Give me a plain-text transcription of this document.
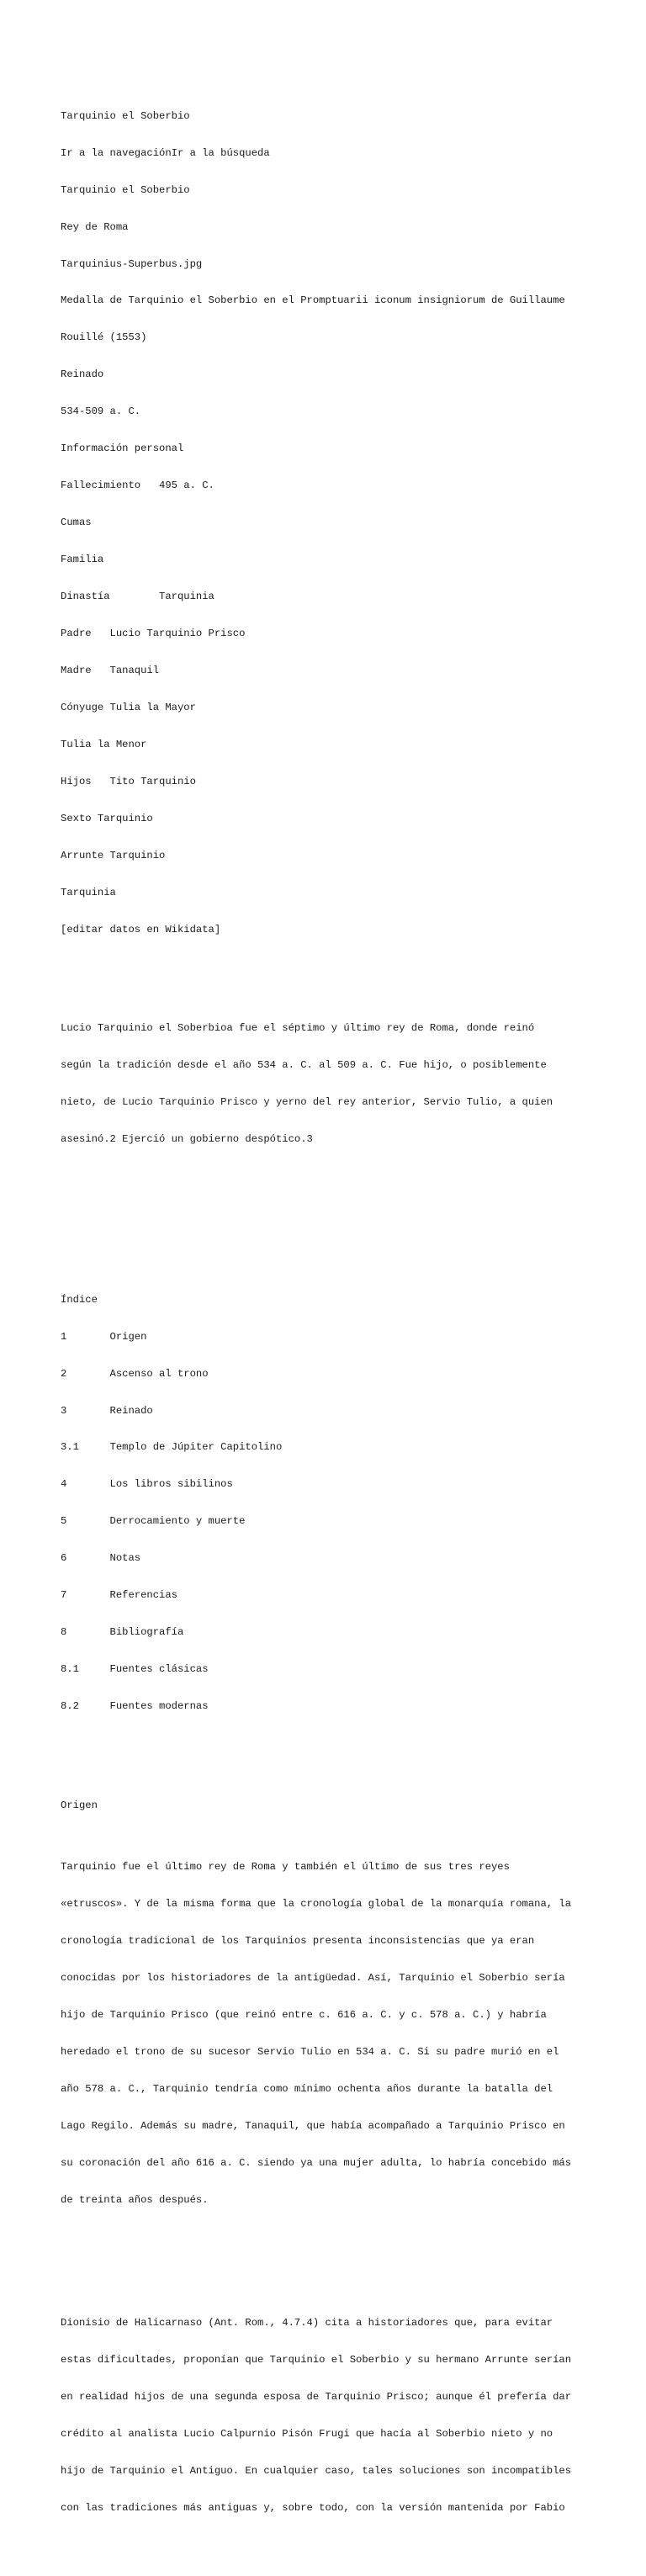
Tarquinio el Soberbio

Ir a la navegaciónIr a la búsqueda

Tarquinio el Soberbio

Rey de Roma

Tarquinius-Superbus.jpg

Medalla de Tarquinio el Soberbio en el Promptuarii iconum insigniorum de Guillaume

Rouillé (1553)

Reinado

534-509 a. C.

Información personal

Fallecimiento	495 a. C.

Cumas

Familia

Dinastía	Tarquinia

Padre	Lucio Tarquinio Prisco

Madre	Tanaquil

Cónyuge	Tulia la Mayor

Tulia la Menor

Hijos	Tito Tarquinio

Sexto Tarquinio

Arrunte Tarquinio

Tarquinia

[editar datos en Wikidata]

Lucio Tarquinio el Soberbioa fue el séptimo y último rey de Roma, donde reinó

según la tradición desde el año 534 a. C. al 509 a. C. Fue hijo, o posiblemente

nieto, de Lucio Tarquinio Prisco y yerno del rey anterior, Servio Tulio, a quien

asesinó.2 Ejerció un gobierno despótico.3

Índice

1		Origen

2		Ascenso al trono

3		Reinado

3.1		Templo de Júpiter Capitolino

4		Los libros sibilinos

5		Derrocamiento y muerte

6		Notas

7		Referencias

8		Bibliografía

8.1		Fuentes clásicas

8.2		Fuentes modernas

Origen

Tarquinio fue el último rey de Roma y también el último de sus tres reyes

«etruscos». Y de la misma forma que la cronología global de la monarquía romana, la

cronología tradicional de los Tarquinios presenta inconsistencias que ya eran

conocidas por los historiadores de la antigüedad. Así, Tarquinio el Soberbio sería

hijo de Tarquinio Prisco (que reinó entre c. 616 a. C. y c. 578 a. C.) y habría

heredado el trono de su sucesor Servio Tulio en 534 a. C. Si su padre murió en el

año 578 a. C., Tarquinio tendría como mínimo ochenta años durante la batalla del

Lago Regilo. Además su madre, Tanaquil, que había acompañado a Tarquinio Prisco en

su coronación del año 616 a. C. siendo ya una mujer adulta, lo habría concebido más

de treinta años después.

Dionisio de Halicarnaso (Ant. Rom., 4.7.4) cita a historiadores que, para evitar

estas dificultades, proponían que Tarquinio el Soberbio y su hermano Arrunte serían

en realidad hijos de una segunda esposa de Tarquinio Prisco; aunque él prefería dar

crédito al analista Lucio Calpurnio Pisón Frugi que hacía al Soberbio nieto y no

hijo de Tarquinio el Antiguo. En cualquier caso, tales soluciones son incompatibles

con las tradiciones más antiguas y, sobre todo, con la versión mantenida por Fabio
